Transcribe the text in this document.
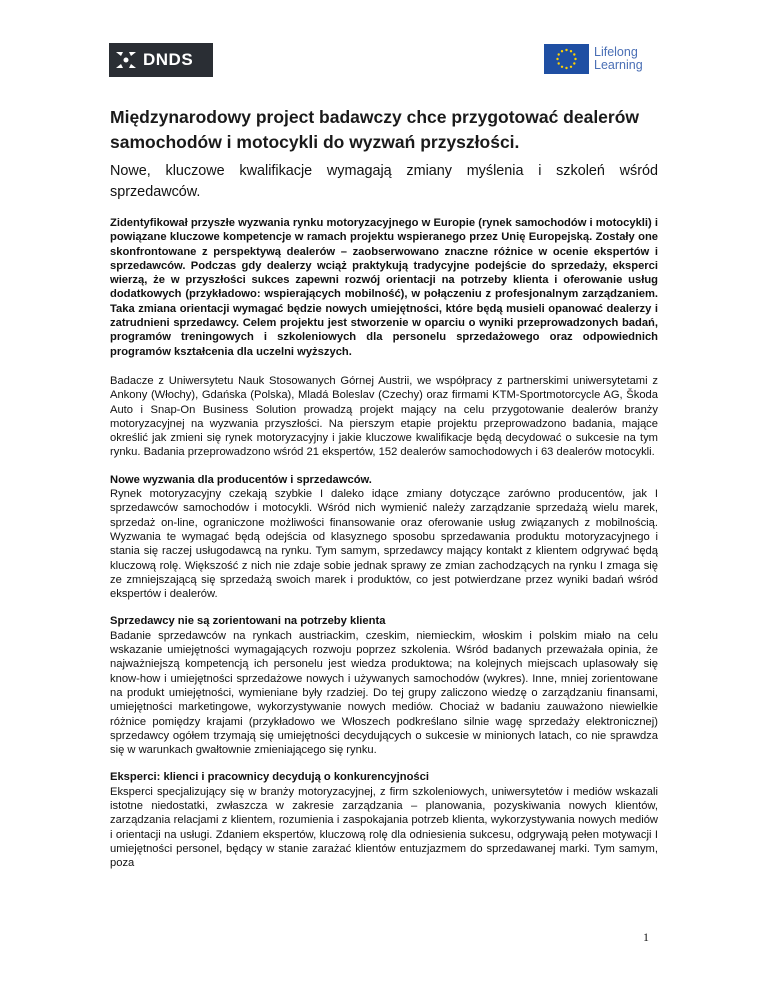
DNDS	Lifelong
Learning
Międzynarodowy project badawczy chce przygotować dealerów samochodów i motocykli do wyzwań przyszłości.

Nowe, kluczowe kwalifikacje wymagają zmiany myślenia i szkoleń wśród sprzedawców.

Zidentyfikował przyszłe wyzwania rynku motoryzacyjnego w Europie (rynek samochodów i motocykli) i powiązane kluczowe kompetencje w ramach projektu wspieranego przez Unię Europejską. Zostały one skonfrontowane z perspektywą dealerów – zaobserwowano znaczne różnice w ocenie ekspertów i sprzedawców. Podczas gdy dealerzy wciąż praktykują tradycyjne podejście do sprzedaży, eksperci wierzą, że w przyszłości sukces zapewni rozwój orientacji na potrzeby klienta i oferowanie usług dodatkowych (przykładowo: wspierających mobilność), w połączeniu z profesjonalnym zarządzaniem. Taka zmiana orientacji wymagać będzie nowych umiejętności, które będą musieli opanować dealerzy i zatrudnieni sprzedawcy. Celem projektu jest stworzenie w oparciu o wyniki przeprowadzonych badań, programów treningowych i szkoleniowych dla personelu sprzedażowego oraz odpowiednich programów kształcenia dla uczelni wyższych.

Badacze z Uniwersytetu Nauk Stosowanych Górnej Austrii, we współpracy z partnerskimi uniwersytetami z Ankony (Włochy), Gdańska (Polska), Mladá Boleslav (Czechy) oraz firmami KTM-Sportmotorcycle AG, Škoda Auto i Snap-On Business Solution prowadzą projekt mający na celu przygotowanie dealerów branży motoryzacyjnej na wyzwania przyszłości. Na pierszym etapie projektu przeprowadzono badania, mające określić jak zmieni się rynek motoryzacyjny i jakie kluczowe kwalifikacje będą decydować o sukcesie na tym rynku. Badania przeprowadzono wśród 21 ekspertów, 152 dealerów samochodowych i 63 dealerów motocykli.

Nowe wyzwania dla producentów i sprzedawców.

Rynek motoryzacyjny czekają szybkie I daleko idące zmiany dotyczące zarówno producentów, jak I sprzedawców samochodów i motocykli. Wśród nich wymienić należy zarządzanie sprzedażą wielu marek, sprzedaż on-line, ograniczone możliwości finansowanie oraz oferowanie usług związanych z mobilnością. Wyzwania te wymagać będą odejścia od klasyznego sposobu sprzedawania produktu motoryzacyjnego i stania się raczej usługodawcą na rynku. Tym samym, sprzedawcy mający kontakt z klientem odgrywać będą kluczową rolę. Większość z nich nie zdaje sobie jednak sprawy ze zmian zachodzących na rynku I zmaga się ze zmniejszającą się sprzedażą swoich marek i produktów, co jest potwierdzane przez wyniki badań wśród ekspertów i dealerów.

Sprzedawcy nie są zorientowani na potrzeby klienta

Badanie sprzedawców na rynkach austriackim, czeskim, niemieckim, włoskim i polskim miało na celu wskazanie umiejętności wymagających rozwoju poprzez szkolenia. Wśród badanych przeważała opinia, że najważniejszą kompetencją ich personelu jest wiedza produktowa; na kolejnych miejscach uplasowały się know-how i umiejętności sprzedażowe nowych i używanych samochodów (wykres). Inne, mniej zorientowane na produkt umiejętności, wymieniane były rzadziej. Do tej grupy zaliczono wiedzę o zarządzaniu finansami, umiejętności marketingowe, wykorzystywanie nowych mediów. Chociaż w badaniu zauważono niewielkie różnice pomiędzy krajami (przykładowo we Włoszech podkreślano silnie wagę sprzedaży elektronicznej) sprzedawcy ogółem trzymają się umiejętności decydujących o sukcesie w minionych latach, co nie sprawdza się w warunkach gwałtownie zmieniającego się rynku.

Eksperci: klienci i pracownicy decydują o konkurencyjności

Eksperci specjalizujący się w branży motoryzacyjnej, z firm szkoleniowych, uniwersytetów i mediów wskazali istotne niedostatki, zwłaszcza w zakresie zarządzania – planowania, pozyskiwania nowych klientów, zarządzania relacjami z klientem, rozumienia i zaspokajania potrzeb klienta, wykorzystywania nowych mediów i orientacji na usługi. Zdaniem ekspertów, kluczową rolę dla odniesienia sukcesu, odgrywają pełen motywacji I umiejętności personel, będący w stanie zarażać klientów entuzjazmem do sprzedawanej marki. Tym samym, poza

1
